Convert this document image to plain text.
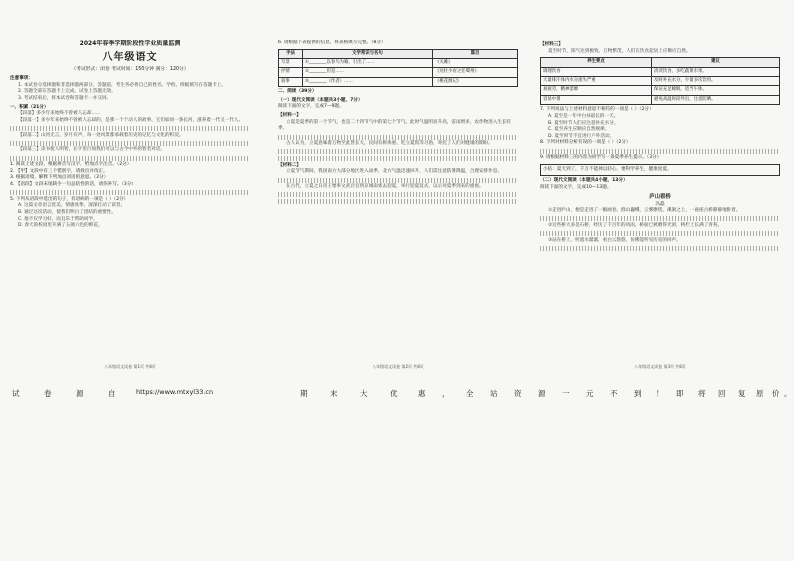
2024年春季学期阶段性学业质量监测
八年级语文
（考试形式：闭卷 考试时间：150分钟 满分：120分）
注意事项：
1. 本试卷分选择题和非选择题两部分，答题前，考生务必将自己的姓名、学校、班级填写在答题卡上。
2. 答题全部在答题卡上完成，试卷上答题无效。
3. 考试结束后，将本试卷和答题卡一并交回。
一、积累（21分）
【段落】多少年来始终不曾被人忘却……
【段落一】多少年来始终不曾被人忘却的，是那一个个动人的故事，它们如同一条长河，滋养着一代又一代人。
【段落二】山河无言，岁月有声，每一处风景都承载着历史的记忆与文化的积淀。
【段落三】读书使人明智，在字里行间我们可以与古今中外的智者对话。
1. 阅读上述文段，根据拼音写汉字，给加点字注音。（2分）
2. 【甲】文段中有三个错别字，请找出并改正。
3. 根据语境，解释下列加点词语的意思。（2分）
4. 【语段】文段末尾缺少一句总结性的话，请你补写。（3分）
5. 下列从语段中选出的句子，有语病的一项是（ ）（2分）
A. 这篇文章语言优美，情感真挚，深深打动了读者。
B. 通过这次活动，使我们明白了团结的重要性。
C. 他不仅学习好，而且乐于帮助同学。
D. 春天的校园里开满了五颜六色的鲜花。
八年级语文试卷 第1页 共8页
6. 请根据下表提供的信息，将表格填写完整。（8分）
手法	文学常识与名句	篇目
写景	①________以春鸟为喻，引出了……	《关雎》
抒情	②________但是……	《送杜少府之任蜀州》
叙事	⑤________（作者）……	《桃花源记》
二、阅读（39分）
（一）现代文阅读（本题共3小题，7分）
阅读下面的文字，完成7—9题。
【材料一】
立夏是夏季的第一个节气，也是二十四节气中的第七个节气。此时气温明显升高，雷雨增多，农作物进入生长旺季。
古人认为，立夏意味着万物至此皆长大，民间有称体重、吃立夏饭等习俗，寄托了人们对健康的期盼。
【材料二】
立夏节气期间，我国南方大部分地区进入雨季，北方气温迅速回升，人们需注意防暑降温，合理安排作息。
在古代，立夏之日帝王要率文武百官到京城南郊去迎夏，举行迎夏仪式，以示对夏季到来的重视。
八年级语文试卷 第2页 共8页
【材料三】
夏至时节，阳气达到极致，万物繁茂，人们在饮食起居上应顺应自然。
养生要点	建议
调理饮食	清淡饮食，多吃蔬菜水果。
大量排汗体内水分流失严重	及时补充水分，少量多次饮用。
易疲劳，精神萎靡	保证充足睡眠，适当午休。
容易中暑	避免高温时段外出，注意防晒。
7. 下列说法与上述材料意思不相符的一项是（ ）（2分）
A. 夏至是一年中白昼最长的一天。
B. 夏至时节人们应注意补充水分。
C. 夏至养生应顺应自然规律。
D. 夏至时节不宜进行户外活动。
8. 下列对材料分析有误的一项是（ ）（2分）
9. 请根据材料三的内容为同学写一条夏季养生提示。（3分）
小结：夏天到了，千万不能掉以轻心，要科学养生，健康度夏。
（二）现代文阅读（本题共4小题，13分）
阅读下面的文字，完成10—13题。
庐山看桥
冯磊
①走进庐山，便是走进了一幅画卷。群山巍峨，云雾缭绕，溪涧之上，一座座古桥静静地卧着。
②这些桥大多是石桥，经历了千百年的风雨，桥面已被磨得光滑，桥栏上长满了青苔。
③站在桥上，听流水潺潺，看白云悠悠，仿佛能听见历史的回声。
八年级语文试卷 第3页 共8页
试	卷	源	自	https://www.mtxyl33.cn	期	末	大	优	惠 ， 全 站 资 源 一 元 不 到 ！ 即 将 回 复 原 价 。
